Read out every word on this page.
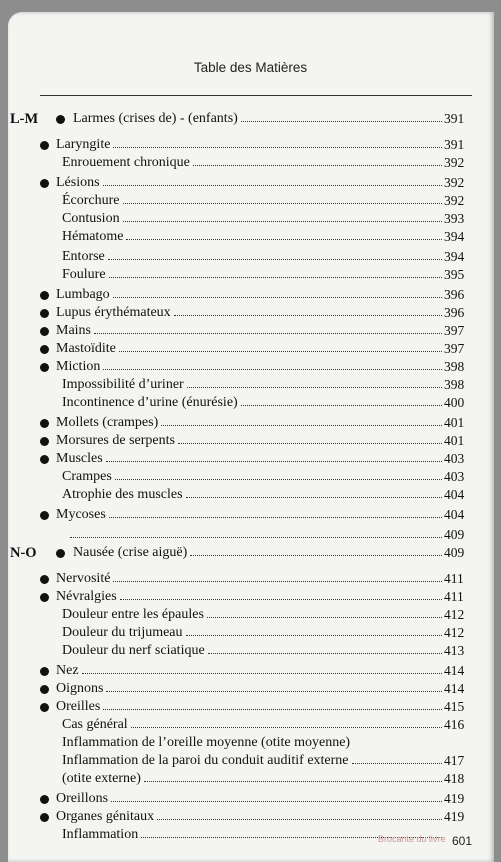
Table des Matières
L-M Larmes (crises de) - (enfants)	391
Laryngite	391
Enrouement chronique	392
Lésions	392
Écorchure	392
Contusion	393
Hématome	394
Entorse	394
Foulure	395
Lumbago	396
Lupus érythémateux	396
Mains	397
Mastoïdite	397
Miction	398
Impossibilité d’uriner	398
Incontinence d’urine (énurésie)	400
Mollets (crampes)	401
Morsures de serpents	401
Muscles	403
Crampes	403
Atrophie des muscles	404
Mycoses	404
N-O	Nausée (crise aiguë)	409
409
Nervosité	411
Névralgies	411
Douleur entre les épaules	412
Douleur du trijumeau	412
Douleur du nerf sciatique	413
Nez	414
Oignons	414
Oreilles	415
Cas général	416
Inflammation de l’oreille moyenne (otite moyenne)
Inflammation de la paroi du conduit auditif externe	417
(otite externe)	418
Oreillons	419
Organes génitaux	419
Inflammation	Brocante du livre 601
